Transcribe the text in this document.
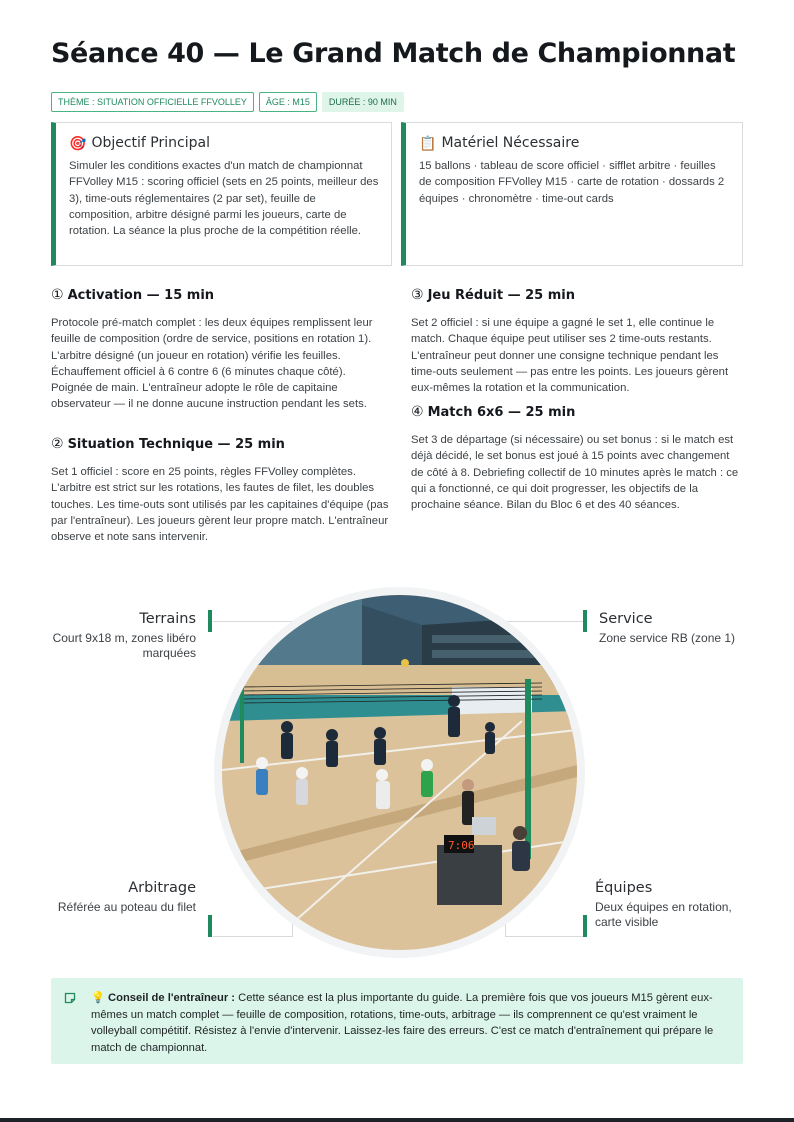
Séance 40 — Le Grand Match de Championnat
THÈME : SITUATION OFFICIELLE FFVOLLEY	ÂGE : M15	DURÉE : 90 MIN
🎯 Objectif Principal

Simuler les conditions exactes d'un match de championnat FFVolley M15 : scoring officiel (sets en 25 points, meilleur des 3), time-outs réglementaires (2 par set), feuille de composition, arbitre désigné parmi les joueurs, carte de rotation. La séance la plus proche de la compétition réelle.

📋 Matériel Nécessaire

15 ballons · tableau de score officiel · sifflet arbitre · feuilles de composition FFVolley M15 · carte de rotation · dossards 2 équipes · chronomètre · time-out cards

① Activation — 15 min

Protocole pré-match complet : les deux équipes remplissent leur feuille de composition (ordre de service, positions en rotation 1). L'arbitre désigné (un joueur en rotation) vérifie les feuilles. Échauffement officiel à 6 contre 6 (6 minutes chaque côté). Poignée de main. L'entraîneur adopte le rôle de capitaine observateur — il ne donne aucune instruction pendant les sets.

② Situation Technique — 25 min

Set 1 officiel : score en 25 points, règles FFVolley complètes. L'arbitre est strict sur les rotations, les fautes de filet, les doubles touches. Les time-outs sont utilisés par les capitaines d'équipe (pas par l'entraîneur). Les joueurs gèrent leur propre match. L'entraîneur observe et note sans intervenir.

③ Jeu Réduit — 25 min

Set 2 officiel : si une équipe a gagné le set 1, elle continue le match. Chaque équipe peut utiliser ses 2 time-outs restants. L'entraîneur peut donner une consigne technique pendant les time-outs seulement — pas entre les points. Les joueurs gèrent eux-mêmes la rotation et la communication.

④ Match 6x6 — 25 min

Set 3 de départage (si nécessaire) ou set bonus : si le match est déjà décidé, le set bonus est joué à 15 points avec changement de côté à 8. Debriefing collectif de 10 minutes après le match : ce qui a fonctionné, ce qui doit progresser, les objectifs de la prochaine séance. Bilan du Bloc 6 et des 40 séances.

Terrains
Court 9x18 m, zones libéro marquées
Service
Zone service RB (zone 1)
Arbitrage
Référée au poteau du filet
Équipes
Deux équipes en rotation, carte visible
7:06

💡 Conseil de l'entraîneur : Cette séance est la plus importante du guide. La première fois que vos joueurs M15 gèrent eux-mêmes un match complet — feuille de composition, rotations, time-outs, arbitrage — ils comprennent ce qu'est vraiment le volleyball compétitif. Résistez à l'envie d'intervenir. Laissez-les faire des erreurs. C'est ce match d'entraînement qui prépare le match de championnat.
